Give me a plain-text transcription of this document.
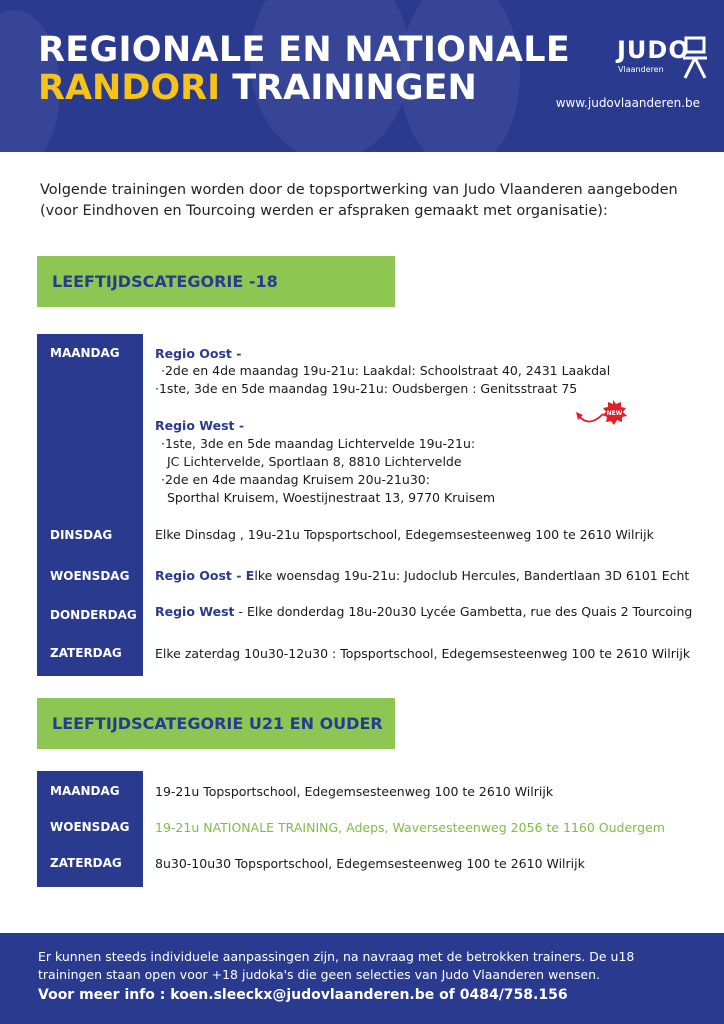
REGIONALE EN NATIONALE
RANDORI TRAININGEN
JUDO
Vlaanderen
www.judovlaanderen.be
Volgende trainingen worden door de topsportwerking van Judo Vlaanderen aangeboden
(voor Eindhoven en Tourcoing werden er afspraken gemaakt met organisatie):
LEEFTIJDSCATEGORIE -18
MAANDAG	Regio Oost -
·2de en 4de maandag 19u-21u: Laakdal: Schoolstraat 40, 2431 Laakdal
·1ste, 3de en 5de maandag 19u-21u: Oudsbergen : Genitsstraat 75
Regio West -
·1ste, 3de en 5de maandag Lichtervelde 19u-21u:
JC Lichtervelde, Sportlaan 8, 8810 Lichtervelde
·2de en 4de maandag Kruisem 20u-21u30:
Sporthal Kruisem, Woestijnestraat 13, 9770 Kruisem
NEW
DINSDAG	Elke Dinsdag , 19u-21u Topsportschool, Edegemsesteenweg 100 te 2610 Wilrijk
WOENSDAG Regio Oost - Elke woensdag 19u-21u: Judoclub Hercules, Bandertlaan 3D 6101 Echt
DONDERDAG Regio West - Elke donderdag 18u-20u30 Lycée Gambetta, rue des Quais 2 Tourcoing
ZATERDAG	Elke zaterdag 10u30-12u30 : Topsportschool, Edegemsesteenweg 100 te 2610 Wilrijk
LEEFTIJDSCATEGORIE U21 EN OUDER
MAANDAG	19-21u Topsportschool, Edegemsesteenweg 100 te 2610 Wilrijk
WOENSDAG 19-21u NATIONALE TRAINING, Adeps, Waversesteenweg 2056 te 1160 Oudergem
ZATERDAG	8u30-10u30 Topsportschool, Edegemsesteenweg 100 te 2610 Wilrijk
Er kunnen steeds individuele aanpassingen zijn, na navraag met de betrokken trainers. De u18
trainingen staan open voor +18 judoka's die geen selecties van Judo Vlaanderen wensen.
Voor meer info : koen.sleeckx@judovlaanderen.be of 0484/758.156
